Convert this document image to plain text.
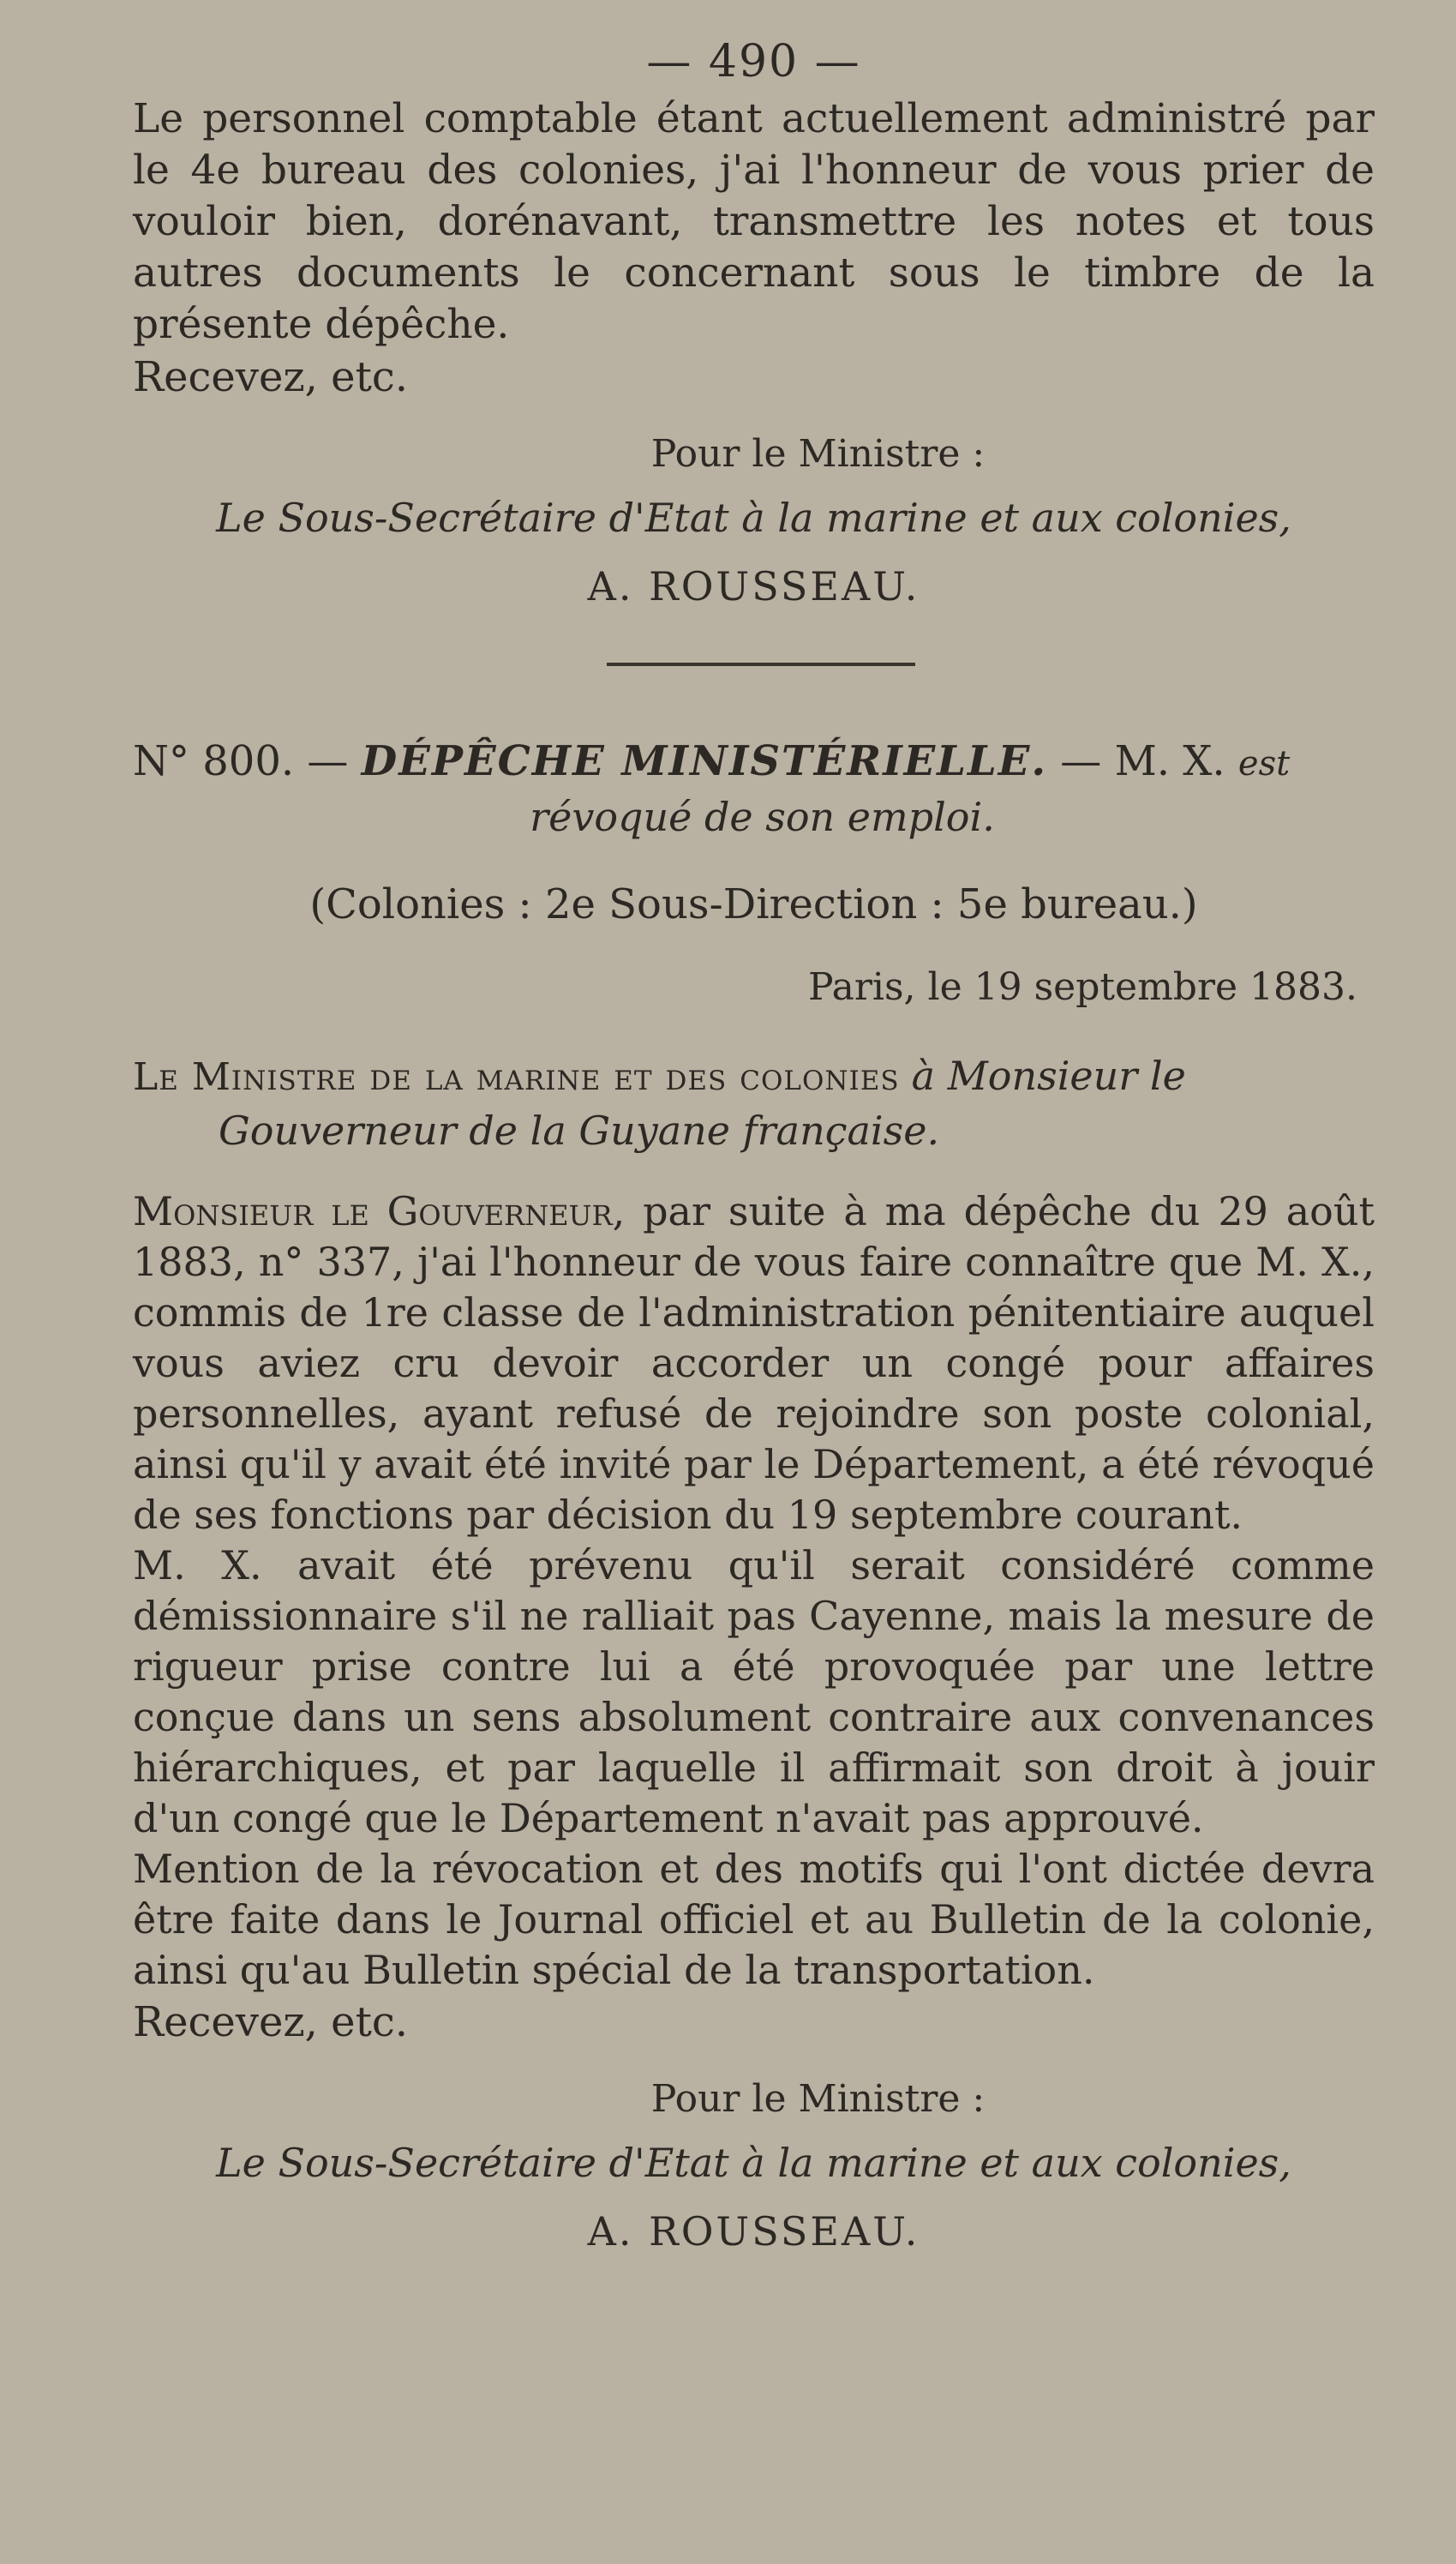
— 490 —

Le personnel comptable étant actuellement administré par le 4e bureau des colonies, j'ai l'honneur de vous prier de vouloir bien, dorénavant, transmettre les notes et tous autres documents le concernant sous le timbre de la présente dépêche.

Recevez, etc.

Pour le Ministre :

Le Sous-Secrétaire d'Etat à la marine et aux colonies,

A. ROUSSEAU.

N° 800. — DÉPÊCHE MINISTÉRIELLE. — M. X. est

révoqué de son emploi.

(Colonies : 2e Sous-Direction : 5e bureau.)

Paris, le 19 septembre 1883.

Le Ministre de la marine et des colonies à Monsieur le

Gouverneur de la Guyane française.

Monsieur le Gouverneur, par suite à ma dépêche du 29 août 1883, n° 337, j'ai l'honneur de vous faire connaître que M. X., commis de 1re classe de l'administration pénitentiaire auquel vous aviez cru devoir accorder un congé pour affaires personnelles, ayant refusé de rejoindre son poste colonial, ainsi qu'il y avait été invité par le Département, a été révoqué de ses fonctions par décision du 19 septembre courant.

M. X. avait été prévenu qu'il serait considéré comme démissionnaire s'il ne ralliait pas Cayenne, mais la mesure de rigueur prise contre lui a été provoquée par une lettre conçue dans un sens absolument contraire aux convenances hiérarchiques, et par laquelle il affirmait son droit à jouir d'un congé que le Département n'avait pas approuvé.

Mention de la révocation et des motifs qui l'ont dictée devra être faite dans le Journal officiel et au Bulletin de la colonie, ainsi qu'au Bulletin spécial de la transportation.

Recevez, etc.

Pour le Ministre :

Le Sous-Secrétaire d'Etat à la marine et aux colonies,

A. ROUSSEAU.
